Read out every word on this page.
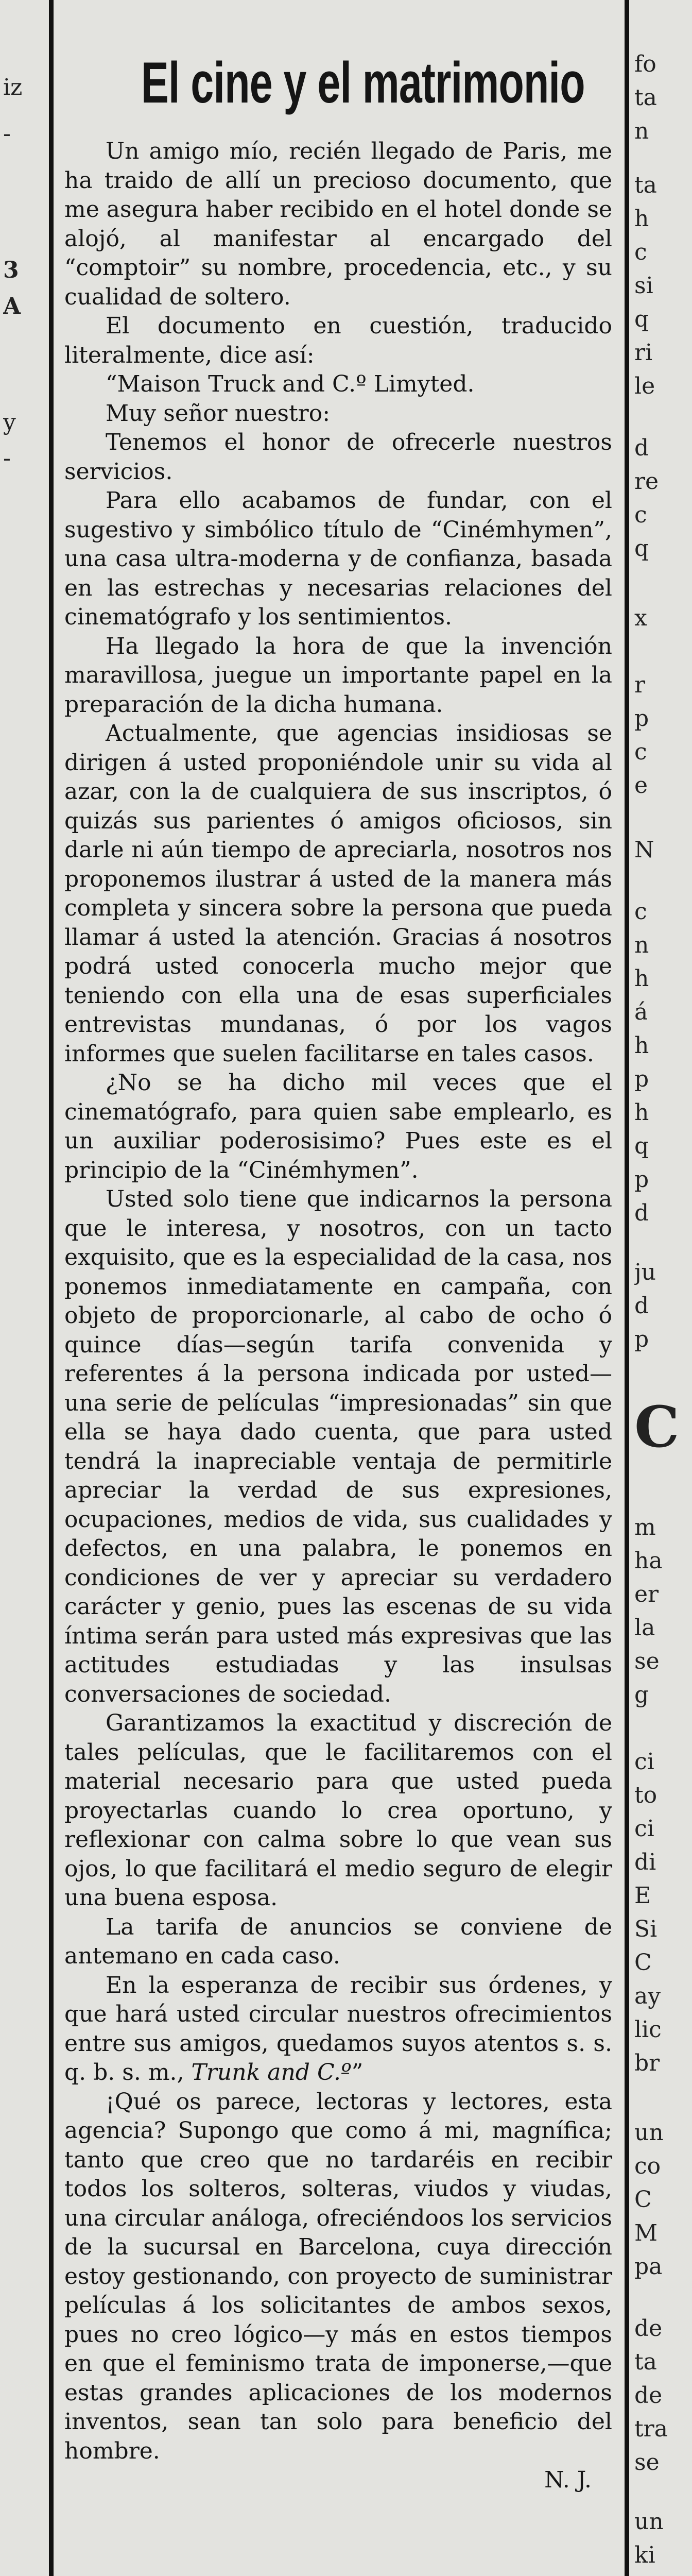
iz
-
3
A
y
-
fo
ta
n
ta
h
c
si
q
ri
le
d
re
c
q
x
r
p
c
e
N
c
n
h
á
h
p
h
q
p
d
ju
d
p
C
m
ha
er
la
se
g
ci
to
ci
di
E
Si
C
ay
lic
br
un
co
C
M
pa
de
ta
de
tra
se
un
ki
El cine y el matrimonio

Un amigo mío, recién llegado de Paris, me ha traido de allí un precioso documento, que me asegura haber recibido en el hotel donde se alojó, al manifestar al encargado del “comptoir” su nombre, procedencia, etc., y su cualidad de soltero.

El documento en cuestión, traducido literalmente, dice así:

“Maison Truck and C.º Limyted.

Muy señor nuestro:

Tenemos el honor de ofrecerle nuestros servicios.

Para ello acabamos de fundar, con el sugestivo y simbólico título de “Cinémhymen”, una casa ultra-moderna y de confianza, basada en las estrechas y necesarias relaciones del cinematógrafo y los sentimientos.

Ha llegado la hora de que la invención maravillosa, juegue un importante papel en la preparación de la dicha humana.

Actualmente, que agencias insidiosas se dirigen á usted proponiéndole unir su vida al azar, con la de cualquiera de sus inscriptos, ó quizás sus parientes ó amigos oficiosos, sin darle ni aún tiempo de apreciarla, nosotros nos proponemos ilustrar á usted de la manera más completa y sincera sobre la persona que pueda llamar á usted la atención. Gracias á nosotros podrá usted conocerla mucho mejor que teniendo con ella una de esas superficiales entrevistas mundanas, ó por los vagos informes que suelen facilitarse en tales casos.

¿No se ha dicho mil veces que el cinematógrafo, para quien sabe emplearlo, es un auxiliar poderosisimo? Pues este es el principio de la “Cinémhymen”.

Usted solo tiene que indicarnos la persona que le interesa, y nosotros, con un tacto exquisito, que es la especialidad de la casa, nos ponemos inmediatamente en campaña, con objeto de proporcionarle, al cabo de ocho ó quince días—según tarifa convenida y referentes á la persona indicada por usted—una serie de películas “impresionadas” sin que ella se haya dado cuenta, que para usted tendrá la inapreciable ventaja de permitirle apreciar la verdad de sus expresiones, ocupaciones, medios de vida, sus cualidades y defectos, en una palabra, le ponemos en condiciones de ver y apreciar su verdadero carácter y genio, pues las escenas de su vida íntima serán para usted más expresivas que las actitudes estudiadas y las insulsas conversaciones de sociedad.

Garantizamos la exactitud y discreción de tales películas, que le facilitaremos con el material necesario para que usted pueda proyectarlas cuando lo crea oportuno, y reflexionar con calma sobre lo que vean sus ojos, lo que facilitará el medio seguro de elegir una buena esposa.

La tarifa de anuncios se conviene de antemano en cada caso.

En la esperanza de recibir sus órdenes, y que hará usted circular nuestros ofrecimientos entre sus amigos, quedamos suyos atentos s. s. q. b. s. m., Trunk and C.º”

¡Qué os parece, lectoras y lectores, esta agencia? Supongo que como á mi, magnífica; tanto que creo que no tardaréis en recibir todos los solteros, solteras, viudos y viudas, una circular análoga, ofreciéndoos los servicios de la sucursal en Barcelona, cuya dirección estoy gestionando, con proyecto de suministrar películas á los solicitantes de ambos sexos, pues no creo lógico—y más en estos tiempos en que el feminismo trata de imponerse,—que estas grandes aplicaciones de los modernos inventos, sean tan solo para beneficio del hombre.

N. J.
